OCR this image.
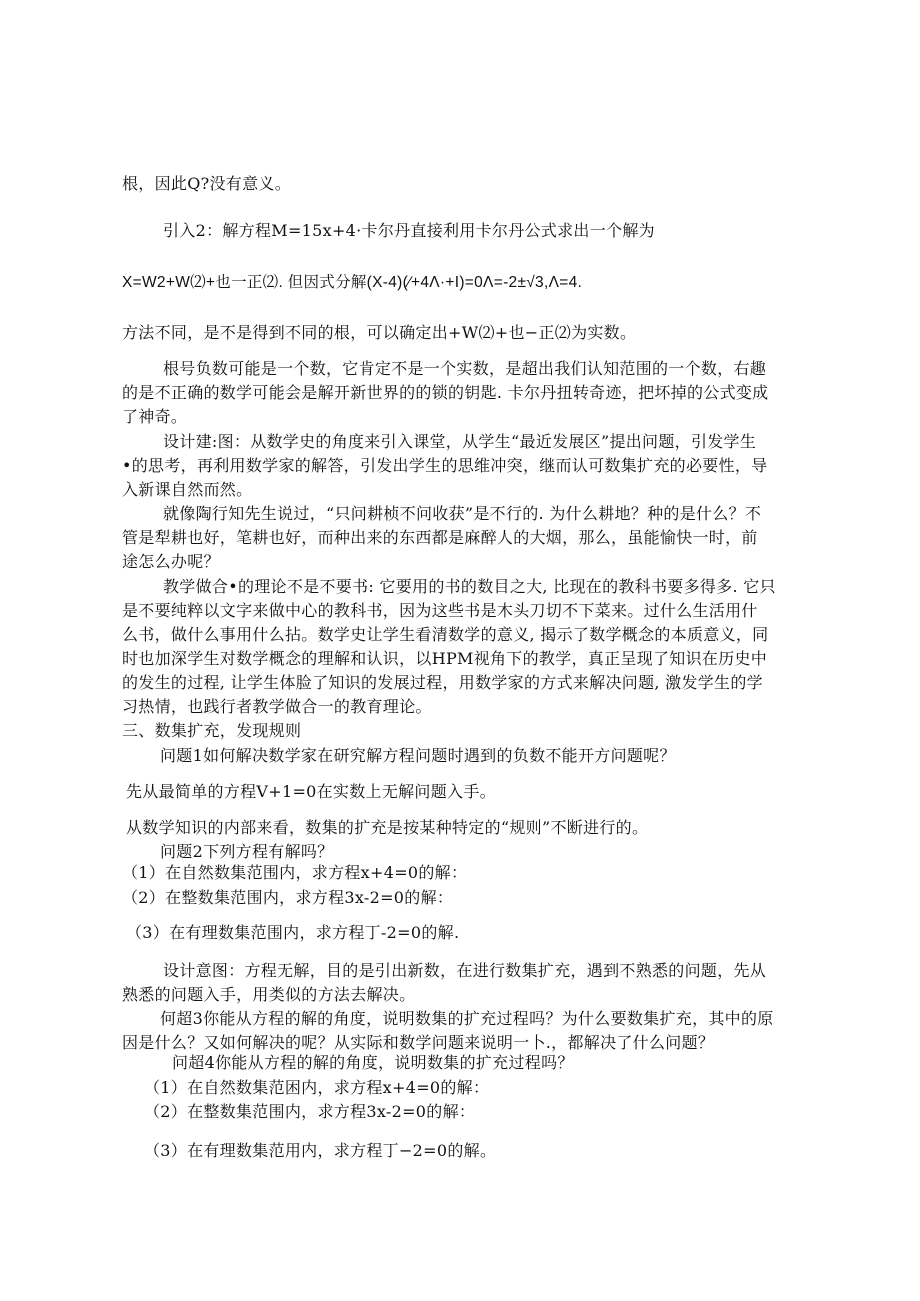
根，因此Q?没有意义。
引入2：解方程M=15x+4·卡尔丹直接利用卡尔丹公式求出一个解为
X=W2+W⑵+也一正⑵. 但因式分解(X-4)(∕+4Λ·+I)=0Λ=-2±√3,Λ=4.
方法不同，是不是得到不同的根，可以确定出+W⑵+也−正⑵为实数。
根号负数可能是一个数，它肯定不是一个实数，是超出我们认知范围的一个数，右趣
的是不正确的数学可能会是解开新世界的的锁的钥匙. 卡尔丹扭转奇迹，把坏掉的公式变成
了神奇。
设计建:图：从数学史的角度来引入课堂，从学生“最近发展区”提出问题，引发学生
•的思考，再利用数学家的解答，引发出学生的思维冲突，继而认可数集扩充的必要性，导
入新课自然而然。
就像陶行知先生说过，“只问耕桢不问收获”是不行的. 为什么耕地？种的是什么？不
管是犁耕也好，笔耕也好，而种出来的东西都是麻醉人的大烟，那么，虽能愉快一时，前
途怎么办呢？
教学做合•的理论不是不要书: 它要用的书的数目之大, 比现在的教科书要多得多. 它只
是不要纯粹以文字来做中心的教科书，因为这些书是木头刀切不下菜来。过什么生活用什
么书，做什么事用什么拈。数学史让学生看清数学的意义, 揭示了数学概念的本质意义，同
时也加深学生对数学概念的理解和认识，以HPM视角下的教学，真正呈现了知识在历史中
的发生的过程, 让学生体脸了知识的发展过程，用数学家的方式来解决问题, 激发学生的学
习热情，也践行者教学做合一的教育理论。
三、数集扩充，发现规则
问题1如何解决数学家在研究解方程问题时遇到的负数不能开方问题呢？
先从最简单的方程V+1=0在实数上无解问题入手。
从数学知识的内部来看，数集的扩充是按某种特定的“规则”不断进行的。
问题2下列方程有解吗？
（1）在自然数集范围内，求方程x+4=0的解：
（2）在整数集范围内，求方程3x-2=0的解：
（3）在有理数集范围内，求方程丁-2=0的解.
设计意图：方程无解，目的是引出新数，在进行数集扩充，遇到不熟悉的问题，先从
熟悉的问题入手，用类似的方法去解决。
何超3你能从方程的解的角度，说明数集的扩充过程吗？为什么要数集扩充，其中的原
因是什么？又如何解决的呢？从实际和数学问题来说明一卜.，都解决了什么问题？
问超4你能从方程的解的角度，说明数集的扩充过程吗？
（1）在自然数集范困内，求方程x+4=0的解：
（2）在整数集范围内，求方程3x-2=0的解：
（3）在有理数集范用内，求方程丁−2=0的解。
